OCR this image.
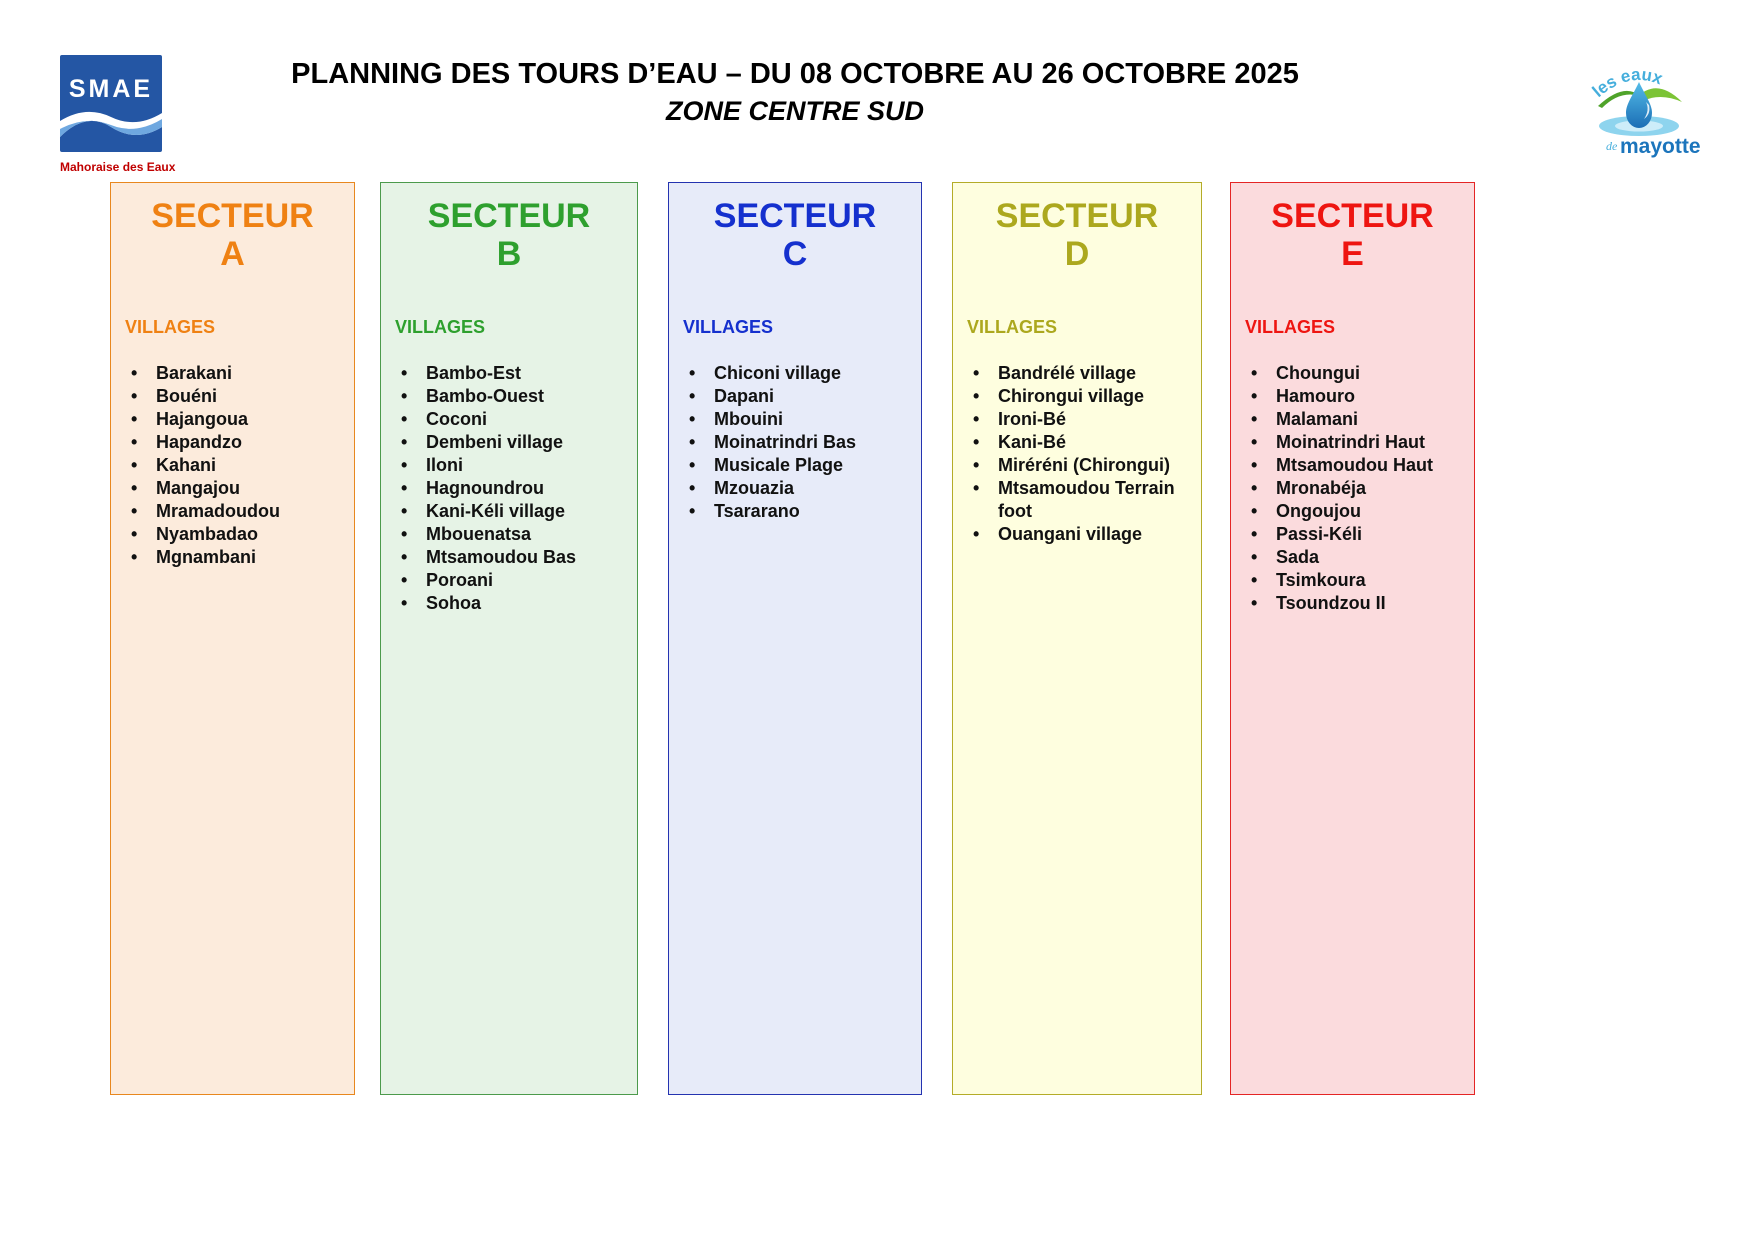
SMAE
Mahoraise des Eaux
PLANNING DES TOURS D’EAU – DU 08 OCTOBRE AU 26 OCTOBRE 2025
ZONE CENTRE SUD
les eaux
de mayotte
SECTEUR
A
VILLAGES
• Barakani
• Bouéni
• Hajangoua
• Hapandzo
• Kahani
• Mangajou
• Mramadoudou
• Nyambadao
• Mgnambani
SECTEUR
B
VILLAGES
• Bambo-Est
• Bambo-Ouest
• Coconi
• Dembeni village
• Iloni
• Hagnoundrou
• Kani-Kéli village
• Mbouenatsa
• Mtsamoudou Bas
• Poroani
• Sohoa
SECTEUR
C
VILLAGES
• Chiconi village
• Dapani
• Mbouini
• Moinatrindri Bas
• Musicale Plage
• Mzouazia
• Tsararano
SECTEUR
D
VILLAGES
• Bandrélé village
• Chirongui village
• Ironi-Bé
• Kani-Bé
• Miréréni (Chirongui)
• Mtsamoudou Terrain foot
• Ouangani village
SECTEUR
E
VILLAGES
• Choungui
• Hamouro
• Malamani
• Moinatrindri Haut
• Mtsamoudou Haut
• Mronabéja
• Ongoujou
• Passi-Kéli
• Sada
• Tsimkoura
• Tsoundzou II
